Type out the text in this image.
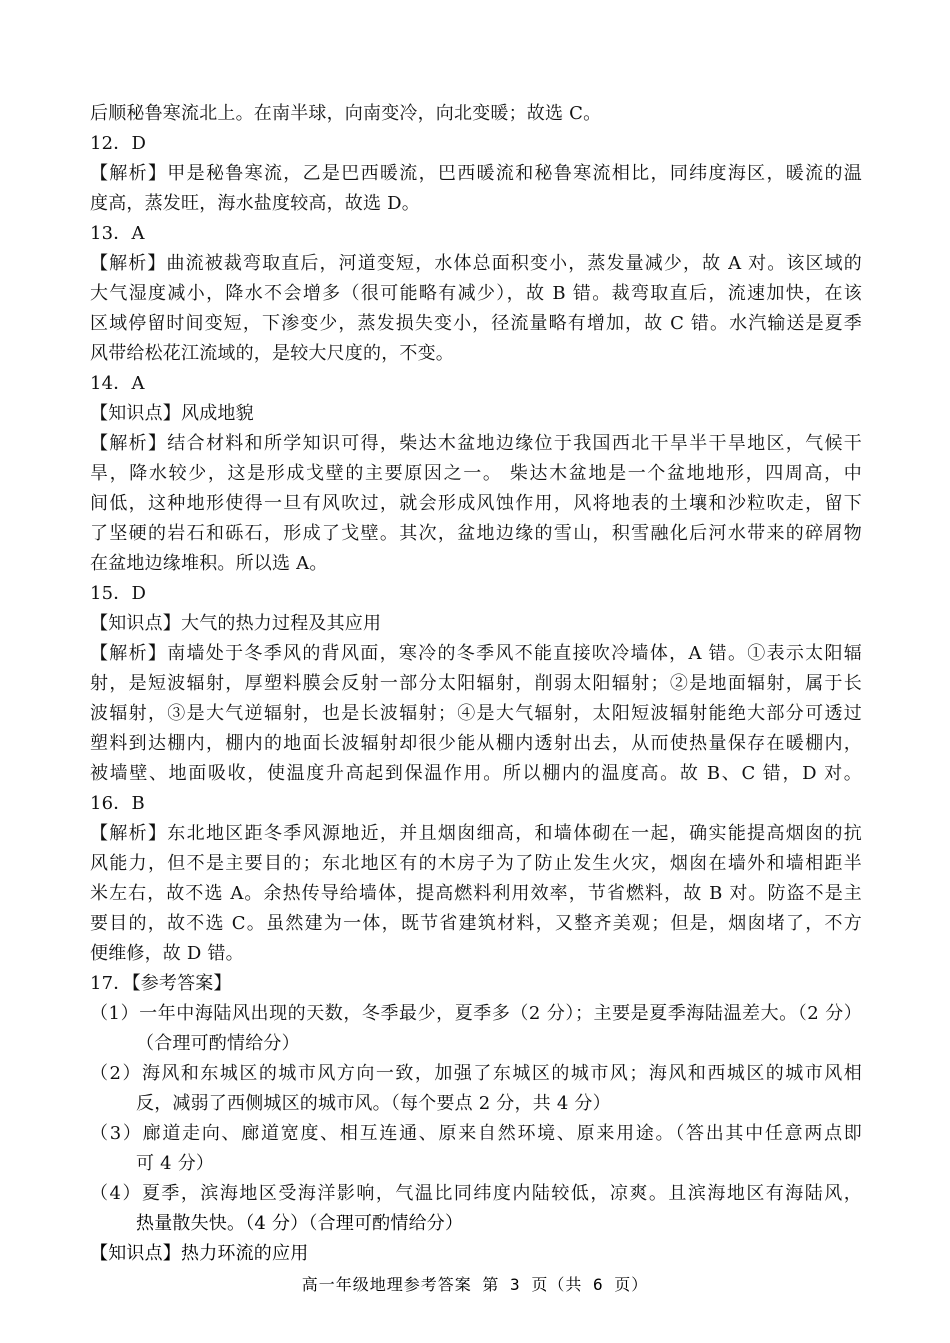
后顺秘鲁寒流北上。在南半球，向南变冷，向北变暖；故选 C。
12．D
【解析】甲是秘鲁寒流，乙是巴西暖流，巴西暖流和秘鲁寒流相比，同纬度海区，暖流的温
度高，蒸发旺，海水盐度较高，故选 D。
13．A
【解析】曲流被裁弯取直后，河道变短，水体总面积变小，蒸发量减少，故 A 对。该区域的
大气湿度减小，降水不会增多（很可能略有减少），故 B 错。裁弯取直后，流速加快，在该
区域停留时间变短，下渗变少，蒸发损失变小，径流量略有增加，故 C 错。水汽输送是夏季
风带给松花江流域的，是较大尺度的，不变。
14．A
【知识点】风成地貌
【解析】结合材料和所学知识可得，柴达木盆地边缘位于我国西北干旱半干旱地区，气候干
旱，降水较少，这是形成戈壁的主要原因之一。 柴达木盆地是一个盆地地形，四周高，中
间低，这种地形使得一旦有风吹过，就会形成风蚀作用，风将地表的土壤和沙粒吹走，留下
了坚硬的岩石和砾石，形成了戈壁。其次，盆地边缘的雪山，积雪融化后河水带来的碎屑物
在盆地边缘堆积。所以选 A。
15．D
【知识点】大气的热力过程及其应用
【解析】南墙处于冬季风的背风面，寒冷的冬季风不能直接吹冷墙体，A 错。①表示太阳辐
射，是短波辐射，厚塑料膜会反射一部分太阳辐射，削弱太阳辐射；②是地面辐射，属于长
波辐射，③是大气逆辐射，也是长波辐射；④是大气辐射，太阳短波辐射能绝大部分可透过
塑料到达棚内，棚内的地面长波辐射却很少能从棚内透射出去，从而使热量保存在暖棚内，
被墙壁、地面吸收，使温度升高起到保温作用。所以棚内的温度高。故 B、C 错，D 对。
16．B
【解析】东北地区距冬季风源地近，并且烟囱细高，和墙体砌在一起，确实能提高烟囱的抗
风能力，但不是主要目的；东北地区有的木房子为了防止发生火灾，烟囱在墙外和墙相距半
米左右，故不选 A。余热传导给墙体，提高燃料利用效率，节省燃料，故 B 对。防盗不是主
要目的，故不选 C。虽然建为一体，既节省建筑材料，又整齐美观；但是，烟囱堵了，不方
便维修，故 D 错。
17．【参考答案】
（1）一年中海陆风出现的天数，冬季最少，夏季多（2 分）；主要是夏季海陆温差大。（2 分）
（合理可酌情给分）
（2）海风和东城区的城市风方向一致，加强了东城区的城市风；海风和西城区的城市风相
反，减弱了西侧城区的城市风。（每个要点 2 分，共 4 分）
（3）廊道走向、廊道宽度、相互连通、原来自然环境、原来用途。（答出其中任意两点即
可 4 分）
（4）夏季，滨海地区受海洋影响，气温比同纬度内陆较低，凉爽。且滨海地区有海陆风，
热量散失快。（4 分）（合理可酌情给分）
【知识点】热力环流的应用
高一年级地理参考答案 第 3 页（共 6 页）
